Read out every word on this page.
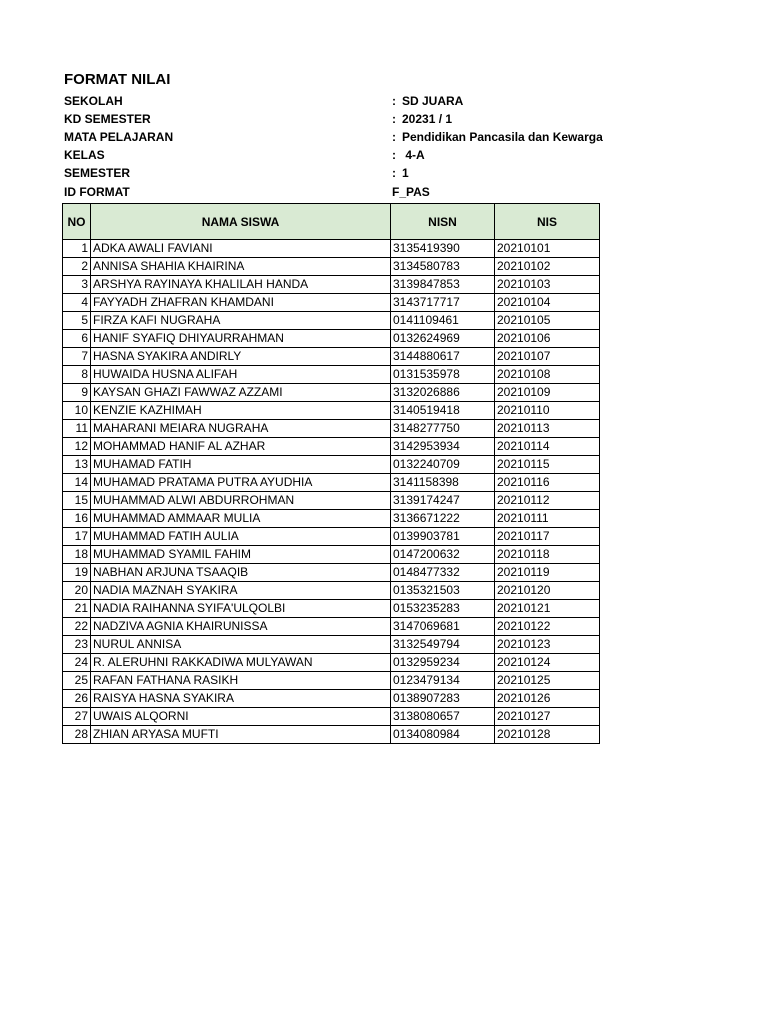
FORMAT NILAI
SEKOLAH	: SD JUARA
KD SEMESTER	: 20231 / 1
MATA PELAJARAN	: Pendidikan Pancasila dan Kewarga
KELAS	: 4-A
SEMESTER	: 1
ID FORMAT	F_PAS
NO	NAMA SISWA	NISN	NIS
1	ADKA AWALI FAVIANI	3135419390	20210101
2	ANNISA SHAHIA KHAIRINA	3134580783	20210102
3	ARSHYA RAYINAYA KHALILAH HANDA	3139847853	20210103
4	FAYYADH ZHAFRAN KHAMDANI	3143717717	20210104
5	FIRZA KAFI NUGRAHA	0141109461	20210105
6	HANIF SYAFIQ DHIYAURRAHMAN	0132624969	20210106
7	HASNA SYAKIRA ANDIRLY	3144880617	20210107
8	HUWAIDA HUSNA ALIFAH	0131535978	20210108
9	KAYSAN GHAZI FAWWAZ AZZAMI	3132026886	20210109
10	KENZIE KAZHIMAH	3140519418	20210110
11	MAHARANI MEIARA NUGRAHA	3148277750	20210113
12	MOHAMMAD HANIF AL AZHAR	3142953934	20210114
13	MUHAMAD FATIH	0132240709	20210115
14	MUHAMAD PRATAMA PUTRA AYUDHIA	3141158398	20210116
15	MUHAMMAD ALWI ABDURROHMAN	3139174247	20210112
16	MUHAMMAD AMMAAR MULIA	3136671222	20210111
17	MUHAMMAD FATIH AULIA	0139903781	20210117
18	MUHAMMAD SYAMIL FAHIM	0147200632	20210118
19	NABHAN ARJUNA TSAAQIB	0148477332	20210119
20	NADIA MAZNAH SYAKIRA	0135321503	20210120
21	NADIA RAIHANNA SYIFA'ULQOLBI	0153235283	20210121
22	NADZIVA AGNIA KHAIRUNISSA	3147069681	20210122
23	NURUL ANNISA	3132549794	20210123
24	R. ALERUHNI RAKKADIWA MULYAWAN	0132959234	20210124
25	RAFAN FATHANA RASIKH	0123479134	20210125
26	RAISYA HASNA SYAKIRA	0138907283	20210126
27	UWAIS ALQORNI	3138080657	20210127
28	ZHIAN ARYASA MUFTI	0134080984	20210128
